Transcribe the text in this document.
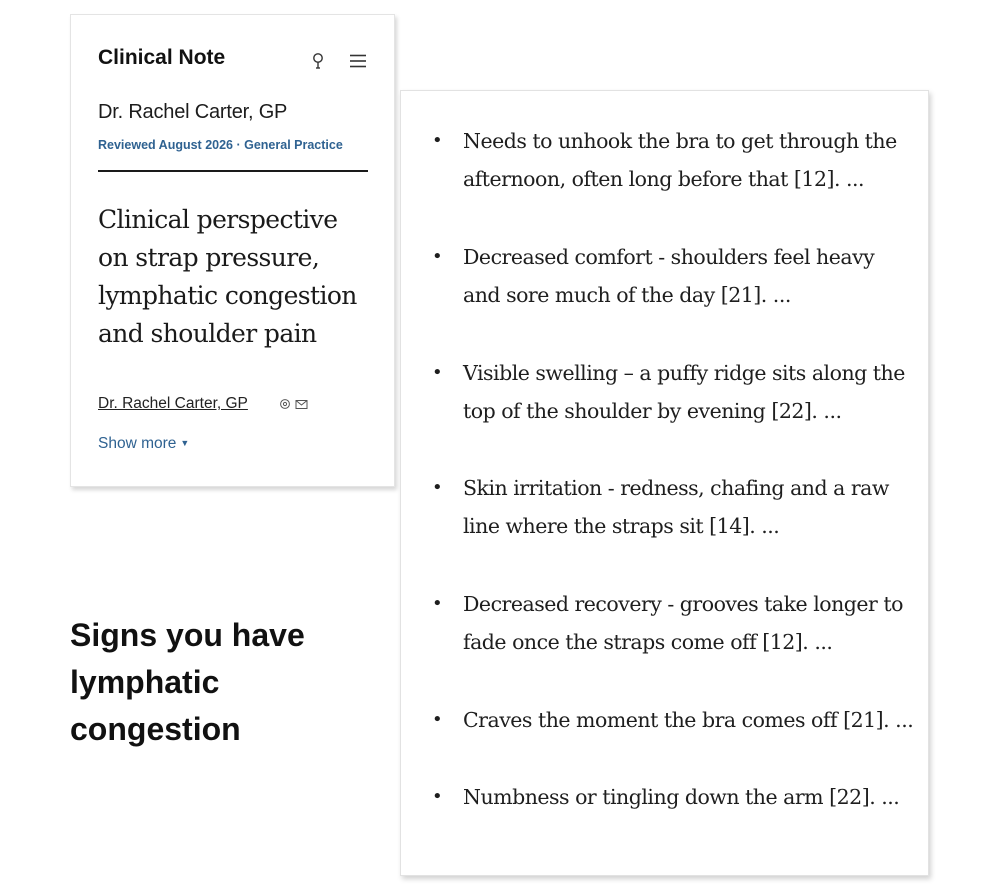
Clinical Note
Dr. Rachel Carter, GP
Reviewed August 2026 · General Practice
Clinical perspective on strap pressure, lymphatic congestion and shoulder pain
Dr. Rachel Carter, GP
Show more ▼
Signs you have lymphatic congestion
• Needs to unhook the bra to get through the afternoon, often long before that [12]. ...
• Decreased comfort - shoulders feel heavy and sore much of the day [21]. ...
• Visible swelling – a puffy ridge sits along the top of the shoulder by evening [22]. ...
• Skin irritation - redness, chafing and a raw line where the straps sit [14]. ...
• Decreased recovery - grooves take longer to fade once the straps come off [12]. ...
• Craves the moment the bra comes off [21]. ...
• Numbness or tingling down the arm [22]. ...
